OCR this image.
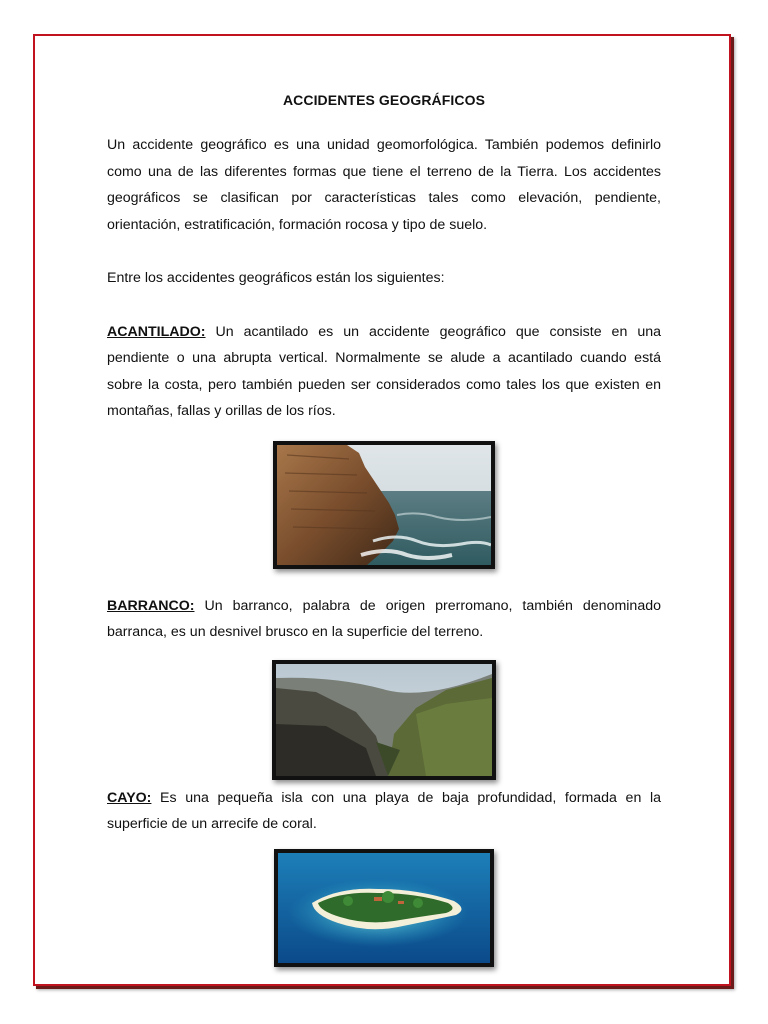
ACCIDENTES GEOGRÁFICOS

Un accidente geográfico es una unidad geomorfológica. También podemos definirlo como una de las diferentes formas que tiene el terreno de la Tierra. Los accidentes geográficos se clasifican por características tales como elevación, pendiente, orientación, estratificación, formación rocosa y tipo de suelo.

Entre los accidentes geográficos están los siguientes:

ACANTILADO: Un acantilado es un accidente geográfico que consiste en una pendiente o una abrupta vertical. Normalmente se alude a acantilado cuando está sobre la costa, pero también pueden ser considerados como tales los que existen en montañas, fallas y orillas de los ríos.

BARRANCO: Un barranco, palabra de origen prerromano, también denominado barranca, es un desnivel brusco en la superficie del terreno.

CAYO: Es una pequeña isla con una playa de baja profundidad, formada en la superficie de un arrecife de coral.
